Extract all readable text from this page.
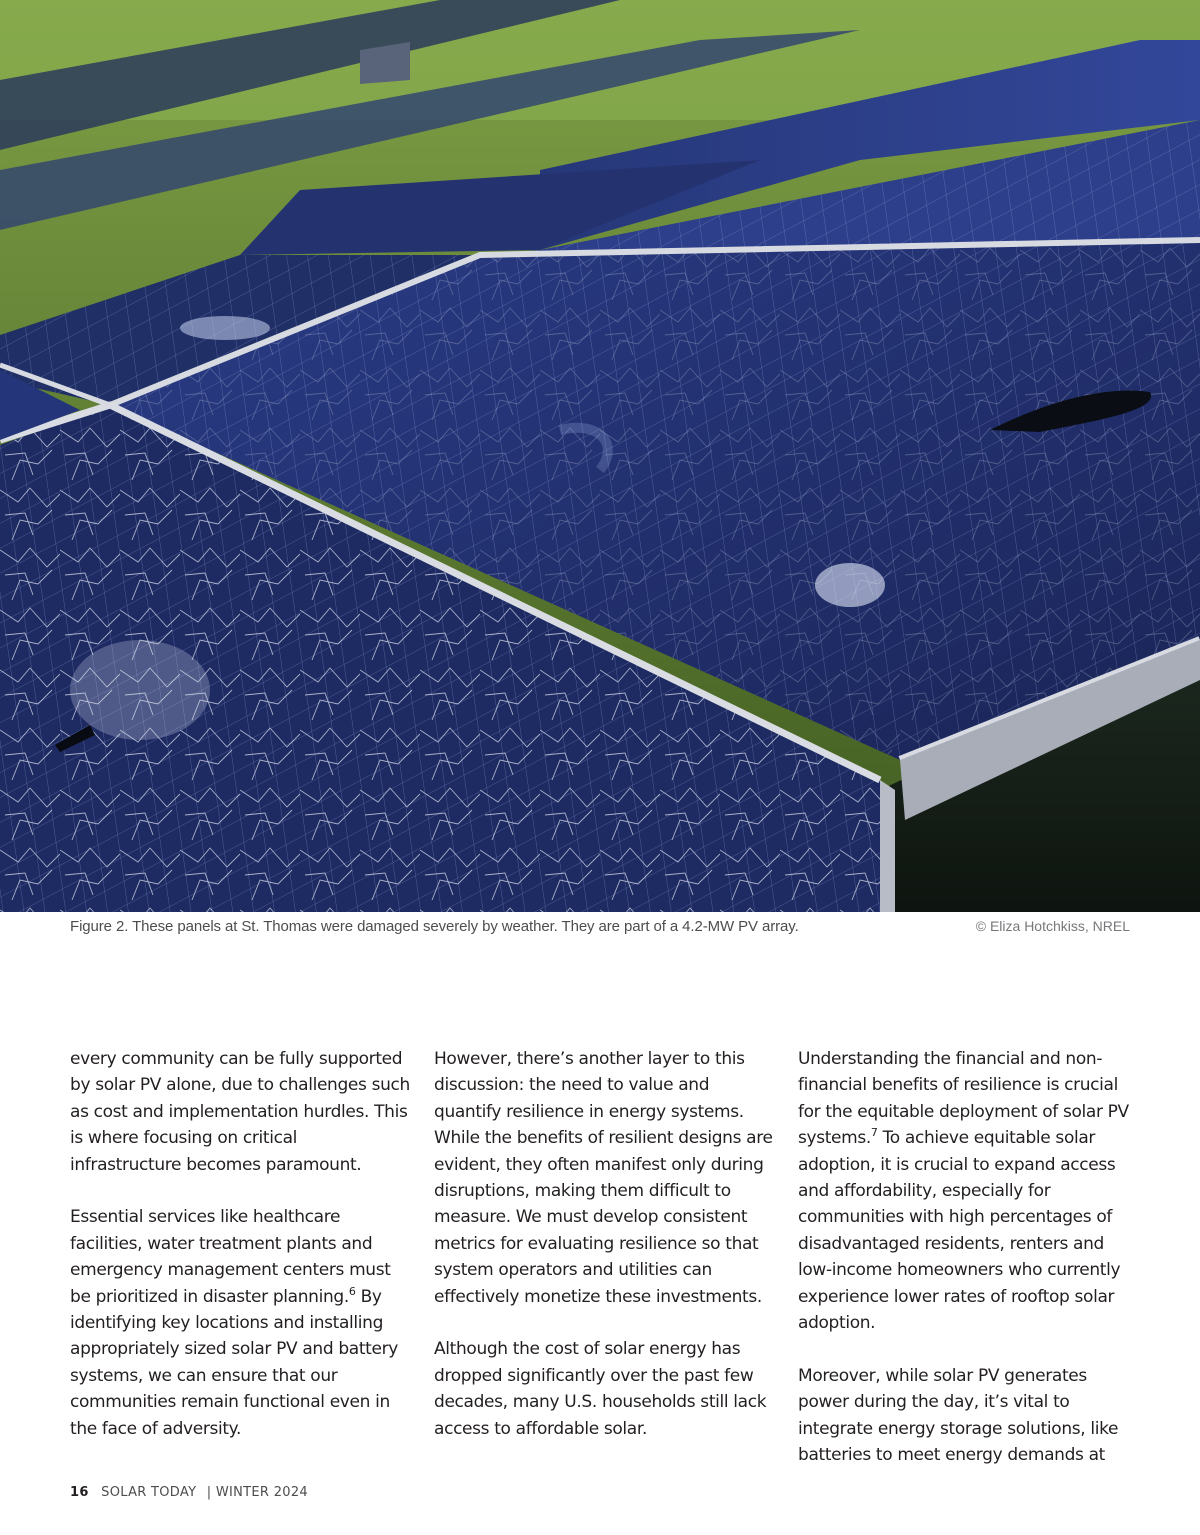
Figure 2. These panels at St. Thomas were damaged severely by weather. They are part of a 4.2-MW PV array.	© Eliza Hotchkiss, NREL

every community can be fully supported by solar PV alone, due to challenges such as cost and implementation hurdles. This is where focusing on critical infrastructure becomes paramount.

Essential services like healthcare facilities, water treatment plants and emergency management centers must be prioritized in disaster planning.$^6$ By identifying key locations and installing appropriately sized solar PV and battery systems, we can ensure that our communities remain functional even in the face of adversity.

However, there’s another layer to this discussion: the need to value and quantify resilience in energy systems. While the benefits of resilient designs are evident, they often manifest only during disruptions, making them difficult to measure. We must develop consistent metrics for evaluating resilience so that system operators and utilities can effectively monetize these investments.

Although the cost of solar energy has dropped significantly over the past few decades, many U.S. households still lack access to affordable solar.

Understanding the financial and non-financial benefits of resilience is crucial for the equitable deployment of solar PV systems.$^7$ To achieve equitable solar adoption, it is crucial to expand access and affordability, especially for communities with high percentages of disadvantaged residents, renters and low-income homeowners who currently experience lower rates of rooftop solar adoption.

Moreover, while solar PV generates power during the day, it’s vital to integrate energy storage solutions, like batteries to meet energy demands at

16 SOLAR TODAY | WINTER 2024
